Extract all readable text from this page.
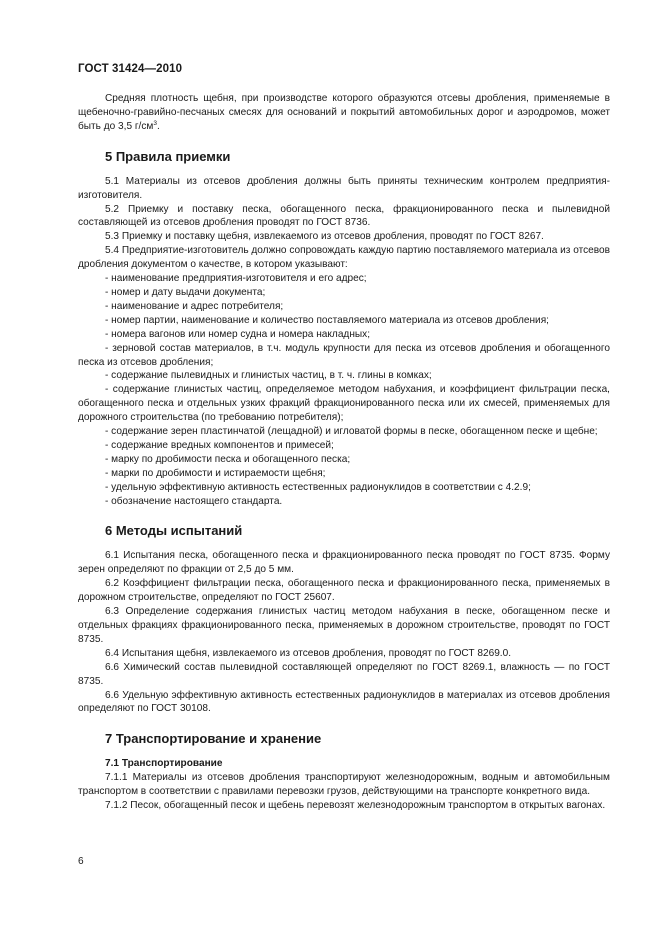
ГОСТ 31424—2010

Средняя плотность щебня, при производстве которого образуются отсевы дробления, применяемые в щебеночно-гравийно-песчаных смесях для оснований и покрытий автомобильных дорог и аэродромов, может быть до 3,5 $г/см^3$.

5 Правила приемки

5.1 Материалы из отсевов дробления должны быть приняты техническим контролем предприятия-изготовителя.

5.2 Приемку и поставку песка, обогащенного песка, фракционированного песка и пылевидной составляющей из отсевов дробления проводят по ГОСТ 8736.

5.3 Приемку и поставку щебня, извлекаемого из отсевов дробления, проводят по ГОСТ 8267.

5.4 Предприятие-изготовитель должно сопровождать каждую партию поставляемого материала из отсевов дробления документом о качестве, в котором указывают:

- наименование предприятия-изготовителя и его адрес;

- номер и дату выдачи документа;

- наименование и адрес потребителя;

- номер партии, наименование и количество поставляемого материала из отсевов дробления;

- номера вагонов или номер судна и номера накладных;

- зерновой состав материалов, в т.ч. модуль крупности для песка из отсевов дробления и обогащенного песка из отсевов дробления;

- содержание пылевидных и глинистых частиц, в т. ч. глины в комках;

- содержание глинистых частиц, определяемое методом набухания, и коэффициент фильтрации песка, обогащенного песка и отдельных узких фракций фракционированного песка или их смесей, применяемых для дорожного строительства (по требованию потребителя);

- содержание зерен пластинчатой (лещадной) и игловатой формы в песке, обогащенном песке и щебне;

- содержание вредных компонентов и примесей;

- марку по дробимости песка и обогащенного песка;

- марки по дробимости и истираемости щебня;

- удельную эффективную активность естественных радионуклидов в соответствии с 4.2.9;

- обозначение настоящего стандарта.

6 Методы испытаний

6.1 Испытания песка, обогащенного песка и фракционированного песка проводят по ГОСТ 8735. Форму зерен определяют по фракции от 2,5 до 5 мм.

6.2 Коэффициент фильтрации песка, обогащенного песка и фракционированного песка, применяемых в дорожном строительстве, определяют по ГОСТ 25607.

6.3 Определение содержания глинистых частиц методом набухания в песке, обогащенном песке и отдельных фракциях фракционированного песка, применяемых в дорожном строительстве, проводят по ГОСТ 8735.

6.4 Испытания щебня, извлекаемого из отсевов дробления, проводят по ГОСТ 8269.0.

6.6 Химический состав пылевидной составляющей определяют по ГОСТ 8269.1, влажность — по ГОСТ 8735.

6.6 Удельную эффективную активность естественных радионуклидов в материалах из отсевов дробления определяют по ГОСТ 30108.

7 Транспортирование и хранение
7.1 Транспортирование

7.1.1 Материалы из отсевов дробления транспортируют железнодорожным, водным и автомобильным транспортом в соответствии с правилами перевозки грузов, действующими на транспорте конкретного вида.

7.1.2 Песок, обогащенный песок и щебень перевозят железнодорожным транспортом в открытых вагонах.

6
